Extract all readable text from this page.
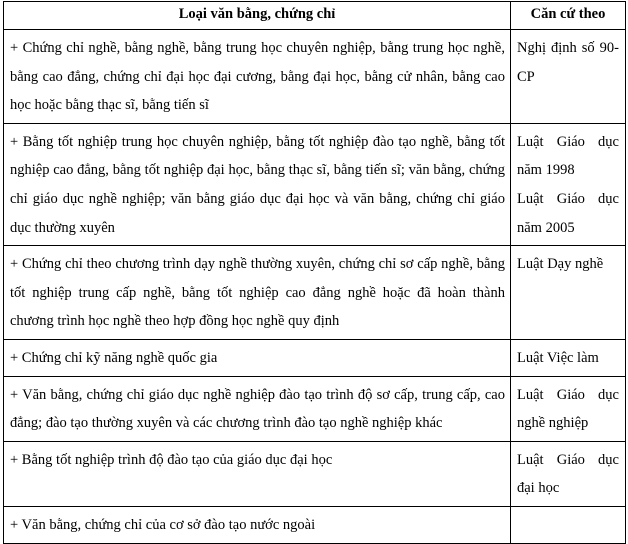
Loại văn bằng, chứng chỉ	Căn cứ theo
+ Chứng chỉ nghề, bằng nghề, bằng trung học chuyên nghiệp, bằng trung học nghề, bằng cao đẳng, chứng chỉ đại học đại cương, bằng đại học, bằng cử nhân, bằng cao học hoặc bằng thạc sĩ, bằng tiến sĩ	Nghị định số 90-CP

+ Bằng tốt nghiệp trung học chuyên nghiệp, bằng tốt nghiệp đào tạo nghề, bằng tốt nghiệp cao đẳng, bằng tốt nghiệp đại học, bằng thạc sĩ, bằng tiến sĩ; văn bằng, chứng chỉ giáo dục nghề nghiệp; văn bằng giáo dục đại học và văn bằng, chứng chỉ giáo dục thường xuyên	Luật Giáo dục năm 1998
Luật Giáo dục năm 2005

+ Chứng chỉ theo chương trình dạy nghề thường xuyên, chứng chỉ sơ cấp nghề, bằng tốt nghiệp trung cấp nghề, bằng tốt nghiệp cao đẳng nghề hoặc đã hoàn thành chương trình học nghề theo hợp đồng học nghề quy định	Luật Dạy nghề

+ Chứng chỉ kỹ năng nghề quốc gia	Luật Việc làm

+ Văn bằng, chứng chỉ giáo dục nghề nghiệp đào tạo trình độ sơ cấp, trung cấp, cao đẳng; đào tạo thường xuyên và các chương trình đào tạo nghề nghiệp khác	Luật Giáo dục nghề nghiệp

+ Bằng tốt nghiệp trình độ đào tạo của giáo dục đại học	Luật Giáo dục đại học

+ Văn bằng, chứng chỉ của cơ sở đào tạo nước ngoài	
